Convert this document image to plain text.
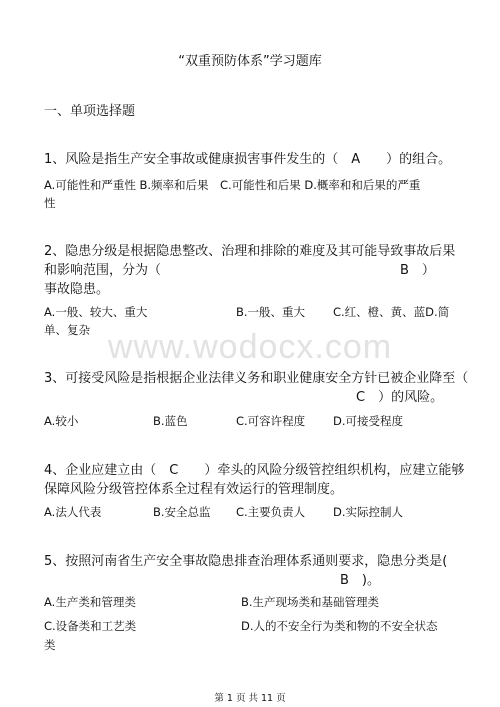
www.wodocx.com
“双重预防体系”学习题库
一、单项选择题
1、风险是指生产安全事故或健康损害事件发生的（　A　　）的组合。
A.可能性和严重性 B.频率和后果　C.可能性和后果 D.概率和和后果的严重
性
2、隐患分级是根据隐患整改、治理和排除的难度及其可能导致事故后果
和影响范围，分为（	B　）
事故隐患。
A.一般、较大、重大	B.一般、重大 C.红、橙、黄、蓝D.简
单、复杂
3、可接受风险是指根据企业法律义务和职业健康安全方针已被企业降至（
C　）的风险。
A.较小	B.蓝色	C.可容许程度 D.可接受程度
4、企业应建立由（　C　　）牵头的风险分级管控组织机构，应建立能够
保障风险分级管控体系全过程有效运行的管理制度。
A.法人代表	B.安全总监 C.主要负责人 D.实际控制人
5、按照河南省生产安全事故隐患排查治理体系通则要求，隐患分类是(
B　)。
A.生产类和管理类	B.生产现场类和基础管理类
C.设备类和工艺类	D.人的不安全行为类和物的不安全状态
类
第 1 页 共 11 页
